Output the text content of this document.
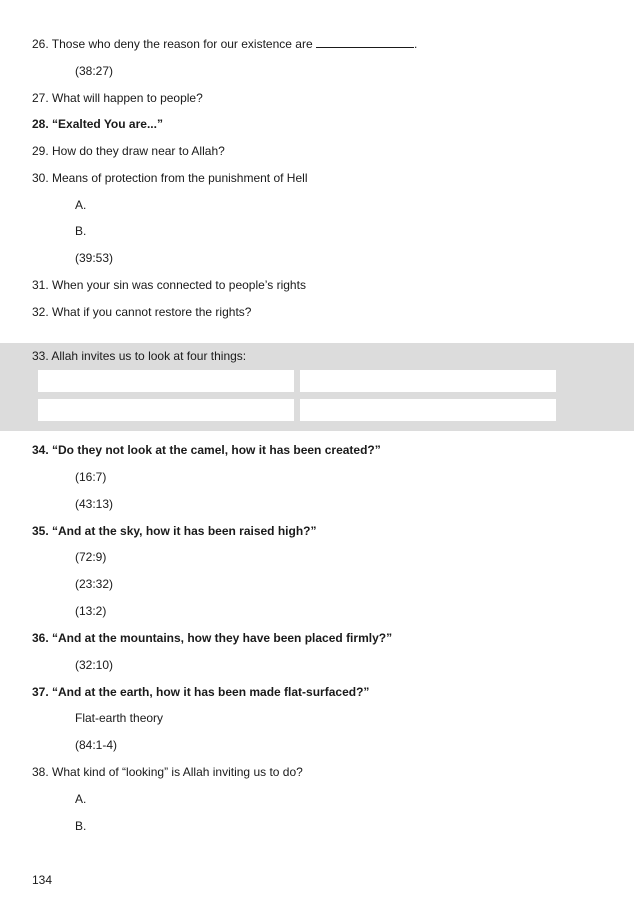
26. Those who deny the reason for our existence are	.
(38:27)
27. What will happen to people?
28. “Exalted You are...”
29. How do they draw near to Allah?
30. Means of protection from the punishment of Hell
A.
B.
(39:53)
31. When your sin was connected to people’s rights
32. What if you cannot restore the rights?
33. Allah invites us to look at four things:
34. “Do they not look at the camel, how it has been created?”
(16:7)
(43:13)
35. “And at the sky, how it has been raised high?”
(72:9)
(23:32)
(13:2)
36. “And at the mountains, how they have been placed firmly?”
(32:10)
37. “And at the earth, how it has been made flat-surfaced?”
Flat-earth theory
(84:1-4)
38. What kind of “looking” is Allah inviting us to do?
A.
B.
134
